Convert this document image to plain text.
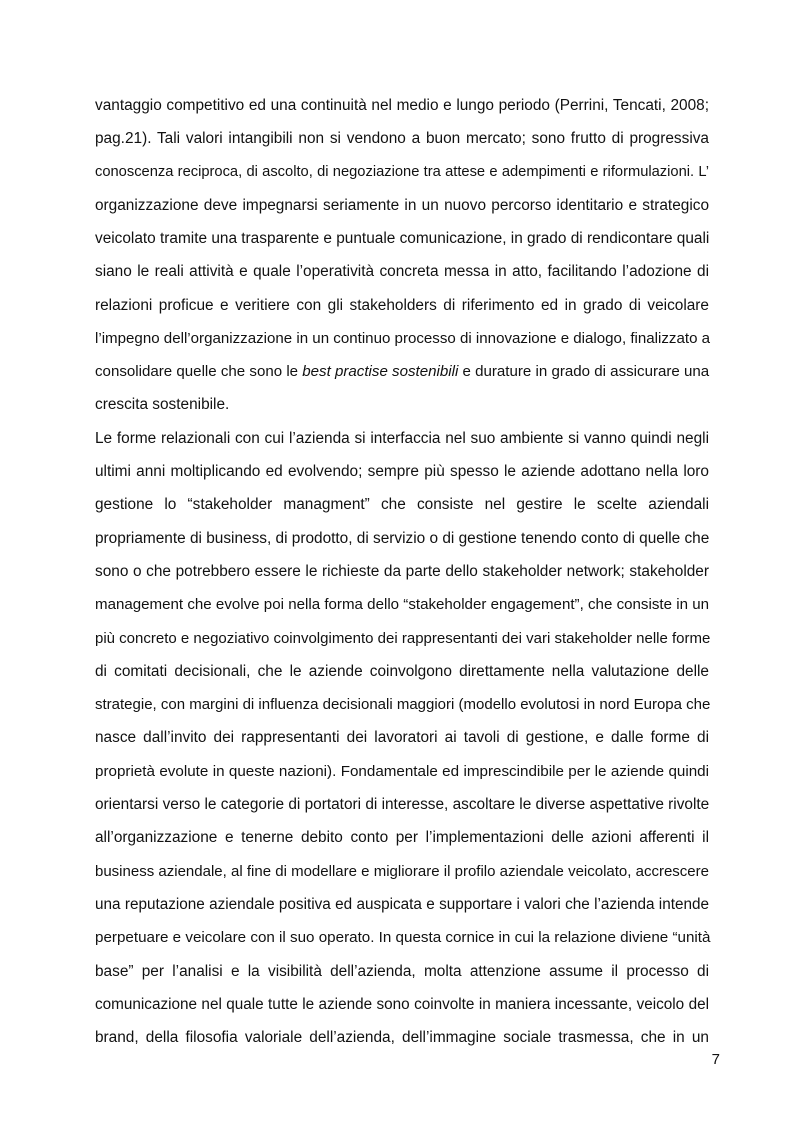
vantaggio competitivo ed una continuità nel medio e lungo periodo (Perrini, Tencati, 2008;
pag.21). Tali valori intangibili non si vendono a buon mercato; sono frutto di progressiva
conoscenza reciproca, di ascolto, di negoziazione tra attese e adempimenti e riformulazioni. L’
organizzazione deve impegnarsi seriamente in un nuovo percorso identitario e strategico
veicolato tramite una trasparente e puntuale comunicazione, in grado di rendicontare quali
siano le reali attività e quale l’operatività concreta messa in atto, facilitando l’adozione di
relazioni proficue e veritiere con gli stakeholders di riferimento ed in grado di veicolare
l’impegno dell’organizzazione in un continuo processo di innovazione e dialogo, finalizzato a
consolidare quelle che sono le best practise sostenibili e durature in grado di assicurare una
crescita sostenibile.
Le forme relazionali con cui l’azienda si interfaccia nel suo ambiente si vanno quindi negli
ultimi anni moltiplicando ed evolvendo; sempre più spesso le aziende adottano nella loro
gestione lo “stakeholder managment” che consiste nel gestire le scelte aziendali
propriamente di business, di prodotto, di servizio o di gestione tenendo conto di quelle che
sono o che potrebbero essere le richieste da parte dello stakeholder network; stakeholder
management che evolve poi nella forma dello “stakeholder engagement”, che consiste in un
più concreto e negoziativo coinvolgimento dei rappresentanti dei vari stakeholder nelle forme
di comitati decisionali, che le aziende coinvolgono direttamente nella valutazione delle
strategie, con margini di influenza decisionali maggiori (modello evolutosi in nord Europa che
nasce dall’invito dei rappresentanti dei lavoratori ai tavoli di gestione, e dalle forme di
proprietà evolute in queste nazioni). Fondamentale ed imprescindibile per le aziende quindi
orientarsi verso le categorie di portatori di interesse, ascoltare le diverse aspettative rivolte
all’organizzazione e tenerne debito conto per l’implementazioni delle azioni afferenti il
business aziendale, al fine di modellare e migliorare il profilo aziendale veicolato, accrescere
una reputazione aziendale positiva ed auspicata e supportare i valori che l’azienda intende
perpetuare e veicolare con il suo operato. In questa cornice in cui la relazione diviene “unità
base” per l’analisi e la visibilità dell’azienda, molta attenzione assume il processo di
comunicazione nel quale tutte le aziende sono coinvolte in maniera incessante, veicolo del
brand, della filosofia valoriale dell’azienda, dell’immagine sociale trasmessa, che in un
7
